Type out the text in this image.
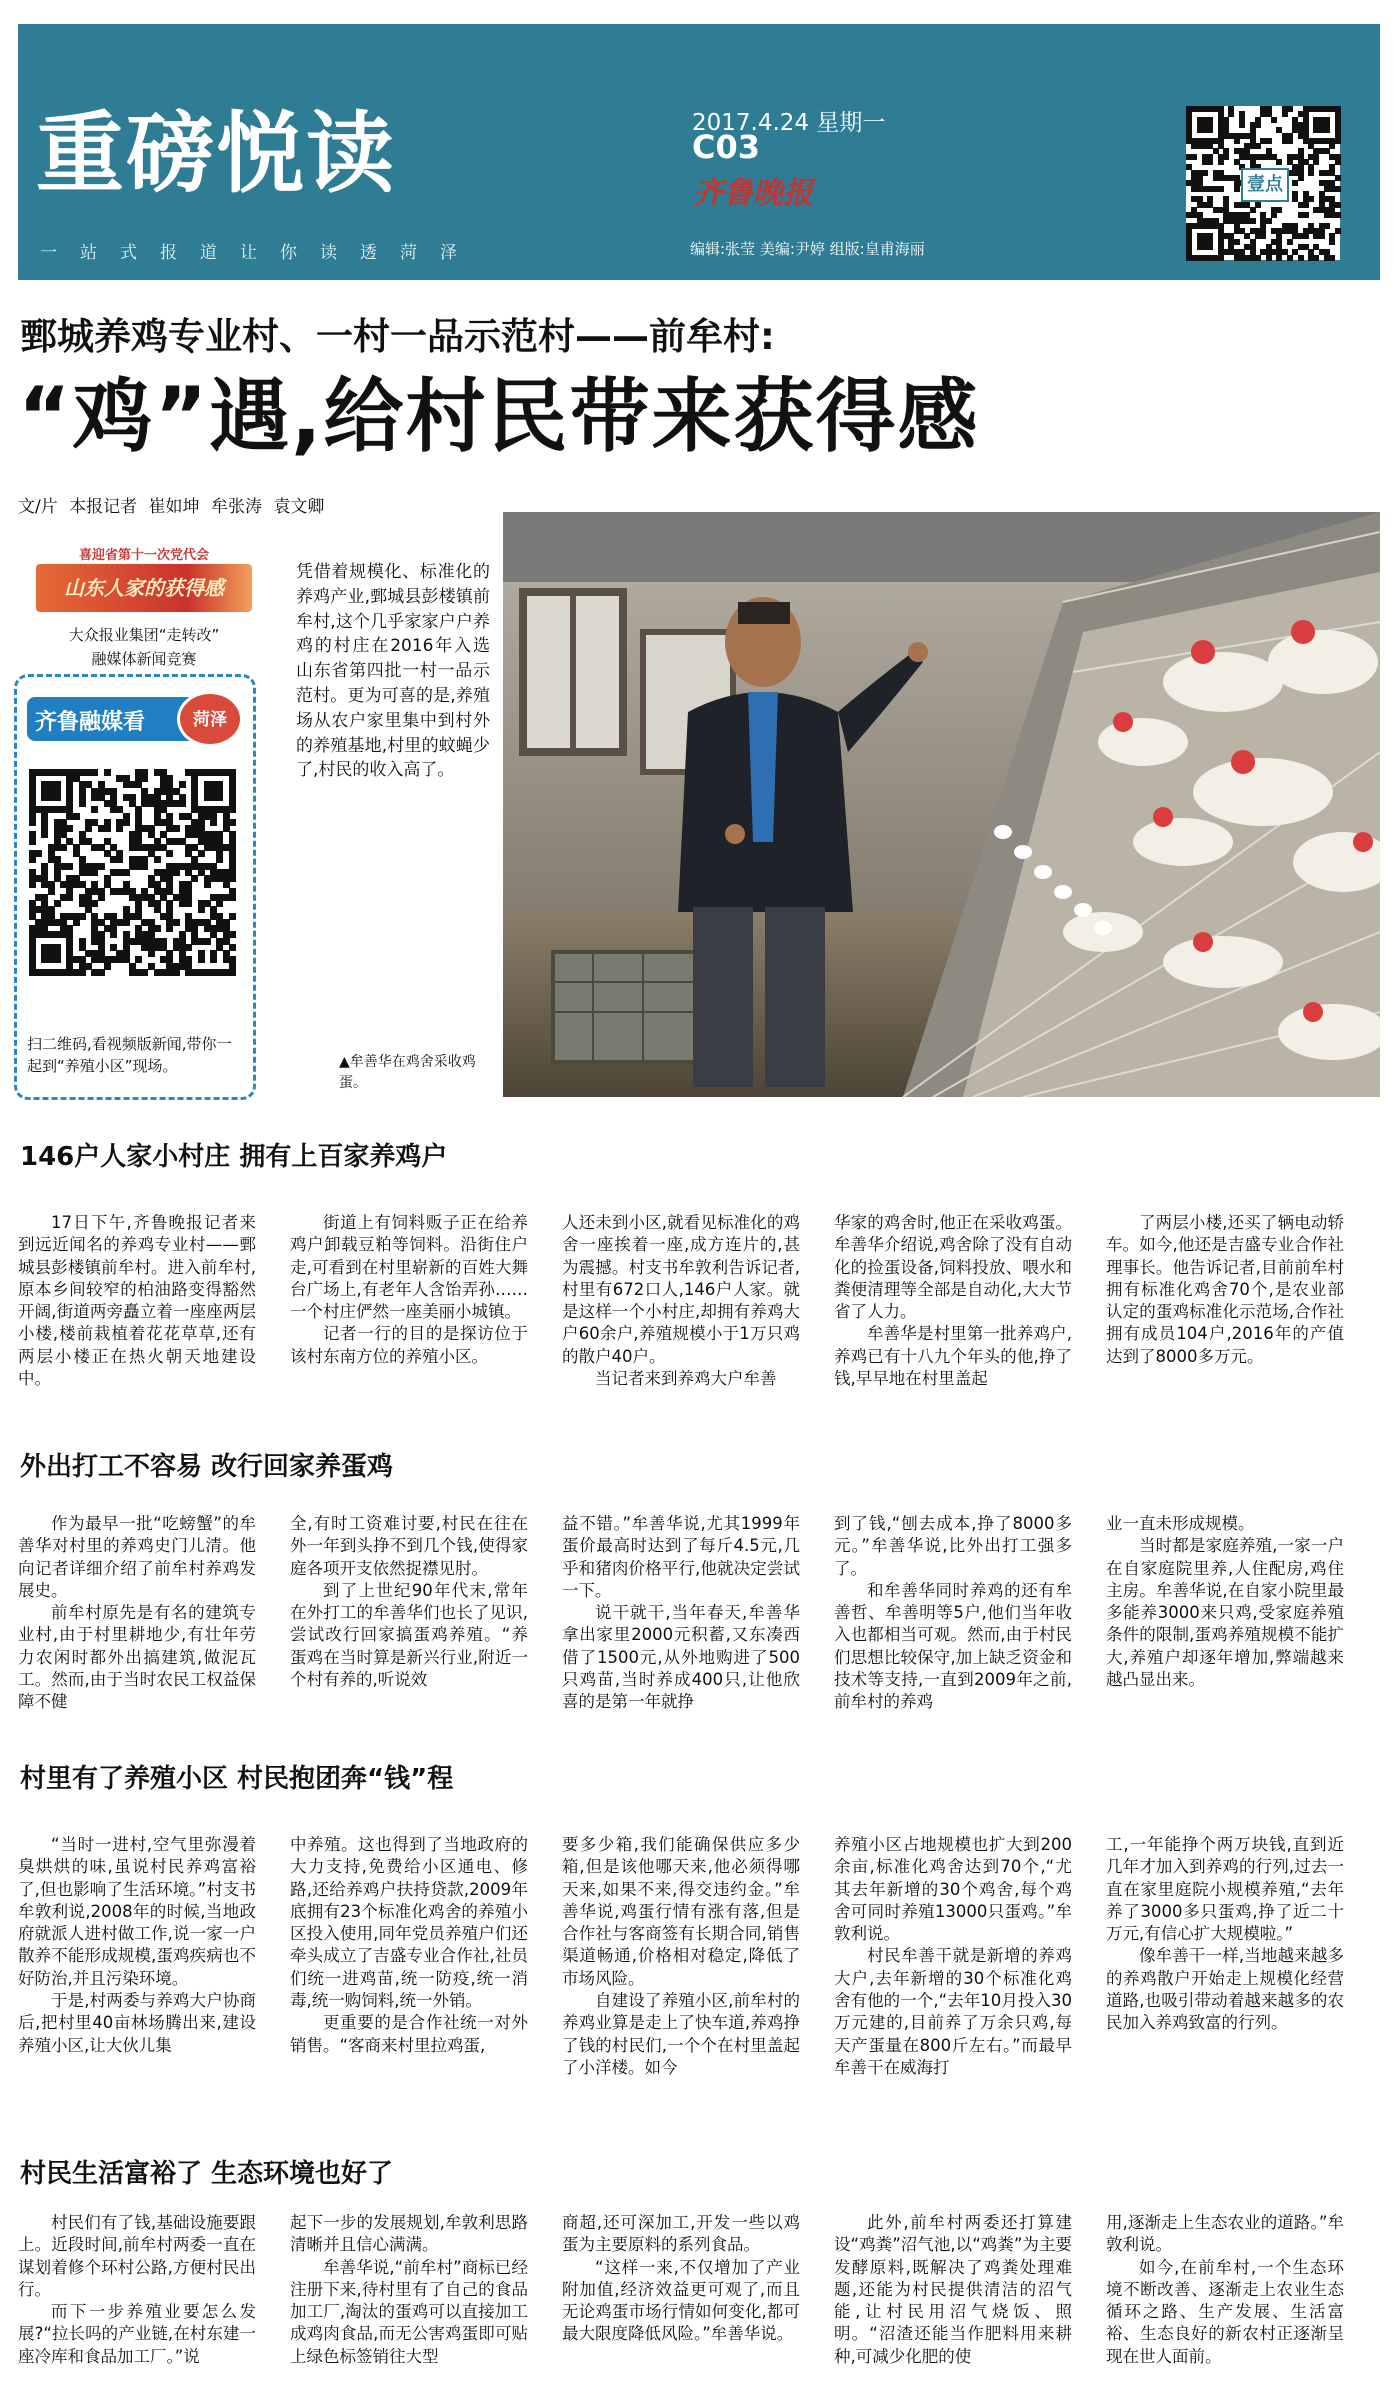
重磅悦读
一站式报道让你读透菏泽
2017.4.24 星期一
C03
齐鲁晚报
编辑:张莹 美编:尹婷 组版:皇甫海丽
壹点
鄄城养鸡专业村、一村一品示范村——前牟村:
“鸡”遇,给村民带来获得感
文/片 本报记者 崔如坤 牟张涛 袁文卿
喜迎省第十一次党代会
山东人家的获得感
大众报业集团“走转改”
融媒体新闻竞赛
齐鲁融媒看	菏泽
扫二维码,看视频版新闻,带你一起到“养殖小区”现场。
凭借着规模化、标准化的养鸡产业,鄄城县彭楼镇前牟村,这个几乎家家户户养鸡的村庄在2016年入选山东省第四批一村一品示范村。更为可喜的是,养殖场从农户家里集中到村外的养殖基地,村里的蚊蝇少了,村民的收入高了。
▲牟善华在鸡舍采收鸡蛋。
146户人家小村庄 拥有上百家养鸡户
外出打工不容易 改行回家养蛋鸡
村里有了养殖小区 村民抱团奔“钱”程
村民生活富裕了 生态环境也好了

17日下午,齐鲁晚报记者来到远近闻名的养鸡专业村——鄄城县彭楼镇前牟村。进入前牟村,原本乡间较窄的柏油路变得豁然开阔,街道两旁矗立着一座座两层小楼,楼前栽植着花花草草,还有两层小楼正在热火朝天地建设中。

街道上有饲料贩子正在给养鸡户卸载豆粕等饲料。沿街住户走,可看到在村里崭新的百姓大舞台广场上,有老年人含饴弄孙……一个村庄俨然一座美丽小城镇。

记者一行的目的是探访位于该村东南方位的养殖小区。

人还未到小区,就看见标准化的鸡舍一座挨着一座,成方连片的,甚为震撼。村支书牟敦利告诉记者,村里有672口人,146户人家。就是这样一个小村庄,却拥有养鸡大户60余户,养殖规模小于1万只鸡的散户40户。

当记者来到养鸡大户牟善

华家的鸡舍时,他正在采收鸡蛋。牟善华介绍说,鸡舍除了没有自动化的捡蛋设备,饲料投放、喂水和粪便清理等全部是自动化,大大节省了人力。

牟善华是村里第一批养鸡户,养鸡已有十八九个年头的他,挣了钱,早早地在村里盖起

了两层小楼,还买了辆电动轿车。如今,他还是吉盛专业合作社理事长。他告诉记者,目前前牟村拥有标准化鸡舍70个,是农业部认定的蛋鸡标准化示范场,合作社拥有成员104户,2016年的产值达到了8000多万元。

作为最早一批“吃螃蟹”的牟善华对村里的养鸡史门儿清。他向记者详细介绍了前牟村养鸡发展史。

前牟村原先是有名的建筑专业村,由于村里耕地少,有壮年劳力农闲时都外出搞建筑,做泥瓦工。然而,由于当时农民工权益保障不健

全,有时工资难讨要,村民在往在外一年到头挣不到几个钱,使得家庭各项开支依然捉襟见肘。

到了上世纪90年代末,常年在外打工的牟善华们也长了见识,尝试改行回家搞蛋鸡养殖。“养蛋鸡在当时算是新兴行业,附近一个村有养的,听说效

益不错。”牟善华说,尤其1999年蛋价最高时达到了每斤4.5元,几乎和猪肉价格平行,他就决定尝试一下。

说干就干,当年春天,牟善华拿出家里2000元积蓄,又东凑西借了1500元,从外地购进了500只鸡苗,当时养成400只,让他欣喜的是第一年就挣

到了钱,“刨去成本,挣了8000多元。”牟善华说,比外出打工强多了。

和牟善华同时养鸡的还有牟善哲、牟善明等5户,他们当年收入也都相当可观。然而,由于村民们思想比较保守,加上缺乏资金和技术等支持,一直到2009年之前,前牟村的养鸡

业一直未形成规模。

当时都是家庭养殖,一家一户在自家庭院里养,人住配房,鸡住主房。牟善华说,在自家小院里最多能养3000来只鸡,受家庭养殖条件的限制,蛋鸡养殖规模不能扩大,养殖户却逐年增加,弊端越来越凸显出来。

“当时一进村,空气里弥漫着臭烘烘的味,虽说村民养鸡富裕了,但也影响了生活环境。”村支书牟敦利说,2008年的时候,当地政府就派人进村做工作,说一家一户散养不能形成规模,蛋鸡疾病也不好防治,并且污染环境。

于是,村两委与养鸡大户协商后,把村里40亩林场腾出来,建设养殖小区,让大伙儿集

中养殖。这也得到了当地政府的大力支持,免费给小区通电、修路,还给养鸡户扶持贷款,2009年底拥有23个标准化鸡舍的养殖小区投入使用,同年党员养殖户们还牵头成立了吉盛专业合作社,社员们统一进鸡苗,统一防疫,统一消毒,统一购饲料,统一外销。

更重要的是合作社统一对外销售。“客商来村里拉鸡蛋,

要多少箱,我们能确保供应多少箱,但是该他哪天来,他必须得哪天来,如果不来,得交违约金。”牟善华说,鸡蛋行情有涨有落,但是合作社与客商签有长期合同,销售渠道畅通,价格相对稳定,降低了市场风险。

自建设了养殖小区,前牟村的养鸡业算是走上了快车道,养鸡挣了钱的村民们,一个个在村里盖起了小洋楼。如今

养殖小区占地规模也扩大到200余亩,标准化鸡舍达到70个,“尤其去年新增的30个鸡舍,每个鸡舍可同时养殖13000只蛋鸡。”牟敦利说。

村民牟善干就是新增的养鸡大户,去年新增的30个标准化鸡舍有他的一个,“去年10月投入30万元建的,目前养了万余只鸡,每天产蛋量在800斤左右。”而最早牟善干在威海打

工,一年能挣个两万块钱,直到近几年才加入到养鸡的行列,过去一直在家里庭院小规模养殖,“去年养了3000多只蛋鸡,挣了近二十万元,有信心扩大规模啦。”

像牟善干一样,当地越来越多的养鸡散户开始走上规模化经营道路,也吸引带动着越来越多的农民加入养鸡致富的行列。

村民们有了钱,基础设施要跟上。近段时间,前牟村两委一直在谋划着修个环村公路,方便村民出行。

而下一步养殖业要怎么发展?“拉长吗的产业链,在村东建一座冷库和食品加工厂。”说

起下一步的发展规划,牟敦利思路清晰并且信心满满。

牟善华说,“前牟村”商标已经注册下来,待村里有了自己的食品加工厂,淘汰的蛋鸡可以直接加工成鸡肉食品,而无公害鸡蛋即可贴上绿色标签销往大型

商超,还可深加工,开发一些以鸡蛋为主要原料的系列食品。

“这样一来,不仅增加了产业附加值,经济效益更可观了,而且无论鸡蛋市场行情如何变化,都可最大限度降低风险。”牟善华说。

此外,前牟村两委还打算建设“鸡粪”沼气池,以“鸡粪”为主要发酵原料,既解决了鸡粪处理难题,还能为村民提供清洁的沼气能,让村民用沼气烧饭、照明。“沼渣还能当作肥料用来耕种,可减少化肥的使

用,逐渐走上生态农业的道路。”牟敦利说。

如今,在前牟村,一个生态环境不断改善、逐渐走上农业生态循环之路、生产发展、生活富裕、生态良好的新农村正逐渐呈现在世人面前。
